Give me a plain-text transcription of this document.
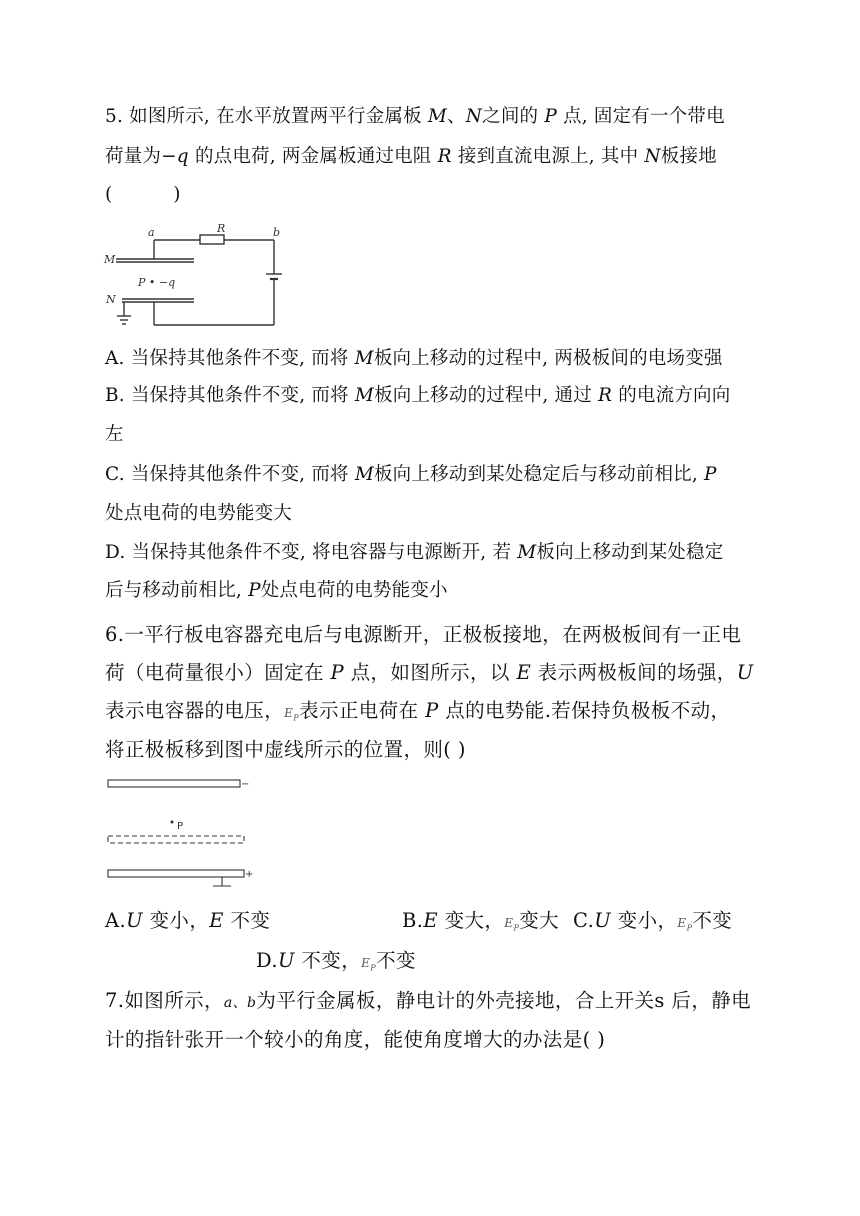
5. 如图所示, 在水平放置两平行金属板 M、N之间的 P 点, 固定有一个带电
荷量为−q 的点电荷, 两金属板通过电阻 R 接到直流电源上, 其中 N板接地
(          )
a	R	b
M
P • −q
N
A. 当保持其他条件不变, 而将 M板向上移动的过程中, 两极板间的电场变强
B. 当保持其他条件不变, 而将 M板向上移动的过程中, 通过 R 的电流方向向
左
C. 当保持其他条件不变, 而将 M板向上移动到某处稳定后与移动前相比, P
处点电荷的电势能变大
D. 当保持其他条件不变, 将电容器与电源断开, 若 M板向上移动到某处稳定
后与移动前相比, P处点电荷的电势能变小
6.一平行板电容器充电后与电源断开，正极板接地，在两极板间有一正电
荷（电荷量很小）固定在 P 点，如图所示，以 E 表示两极板间的场强，U
表示电容器的电压，$E_P$表示正电荷在 P 点的电势能.若保持负极板不动，
将正极板移到图中虚线所示的位置，则( )
−
P
+
A.U 变小，E 不变	B.E 变大，$E_P$变大 C.U 变小，$E_P$不变
D.U 不变，$E_P$不变
7.如图所示，a、b为平行金属板，静电计的外壳接地，合上开关s 后，静电
计的指针张开一个较小的角度，能使角度增大的办法是( )
